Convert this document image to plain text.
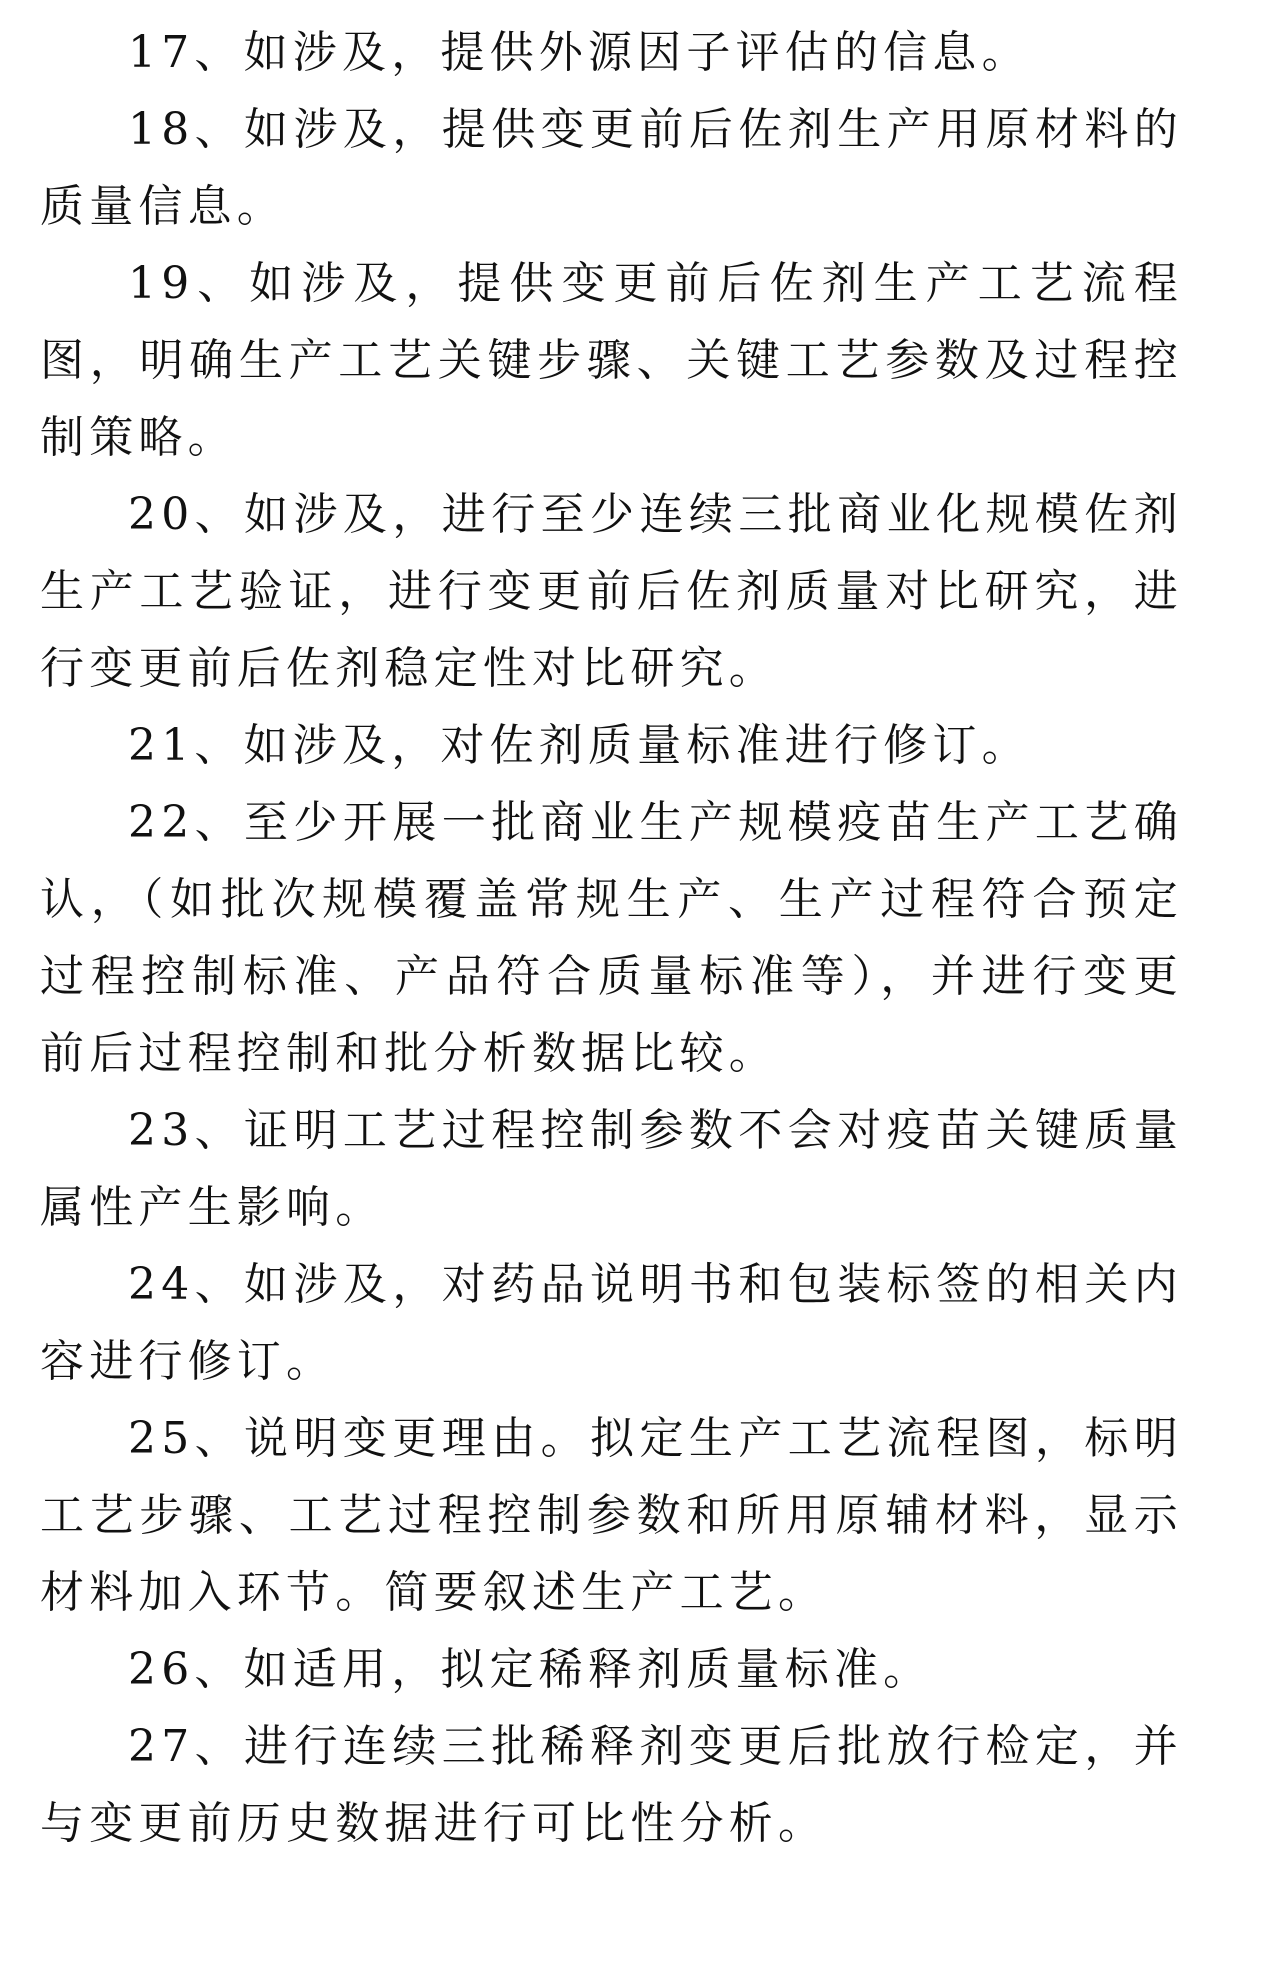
17、如涉及，提供外源因子评估的信息。

18、如涉及，提供变更前后佐剂生产用原材料的质量信息。

19、如涉及，提供变更前后佐剂生产工艺流程图，明确生产工艺关键步骤、关键工艺参数及过程控制策略。

20、如涉及，进行至少连续三批商业化规模佐剂生产工艺验证，进行变更前后佐剂质量对比研究，进行变更前后佐剂稳定性对比研究。

21、如涉及，对佐剂质量标准进行修订。

22、至少开展一批商业生产规模疫苗生产工艺确认，（如批次规模覆盖常规生产、生产过程符合预定过程控制标准、产品符合质量标准等），并进行变更前后过程控制和批分析数据比较。

23、证明工艺过程控制参数不会对疫苗关键质量属性产生影响。

24、如涉及，对药品说明书和包装标签的相关内容进行修订。

25、说明变更理由。拟定生产工艺流程图，标明工艺步骤、工艺过程控制参数和所用原辅材料，显示材料加入环节。简要叙述生产工艺。

26、如适用，拟定稀释剂质量标准。

27、进行连续三批稀释剂变更后批放行检定，并与变更前历史数据进行可比性分析。
